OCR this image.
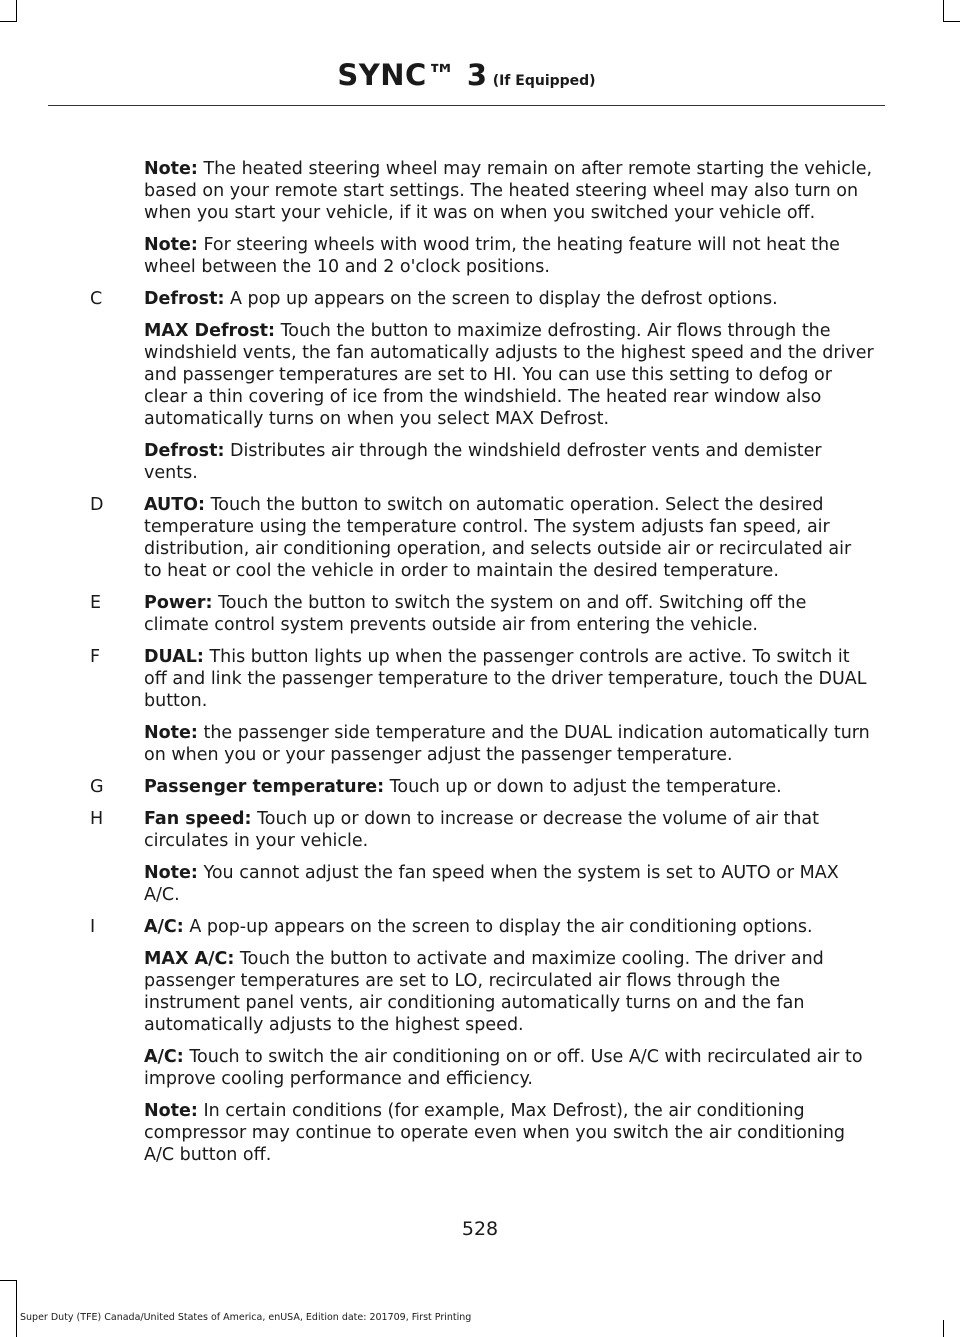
SYNC™ 3 (If Equipped)
Note: The heated steering wheel may remain on after remote starting the vehicle, based on your remote start settings. The heated steering wheel may also turn on when you start your vehicle, if it was on when you switched your vehicle off.
Note: For steering wheels with wood trim, the heating feature will not heat the wheel between the 10 and 2 o'clock positions.
C	Defrost: A pop up appears on the screen to display the defrost options.
MAX Defrost: Touch the button to maximize defrosting. Air flows through the windshield vents, the fan automatically adjusts to the highest speed and the driver and passenger temperatures are set to HI. You can use this setting to defog or clear a thin covering of ice from the windshield. The heated rear window also automatically turns on when you select MAX Defrost.
Defrost: Distributes air through the windshield defroster vents and demister vents.
D	AUTO: Touch the button to switch on automatic operation. Select the desired temperature using the temperature control. The system adjusts fan speed, air distribution, air conditioning operation, and selects outside air or recirculated air to heat or cool the vehicle in order to maintain the desired temperature.
E	Power: Touch the button to switch the system on and off. Switching off the climate control system prevents outside air from entering the vehicle.
F	DUAL: This button lights up when the passenger controls are active. To switch it off and link the passenger temperature to the driver temperature, touch the DUAL button.
Note: the passenger side temperature and the DUAL indication automatically turn on when you or your passenger adjust the passenger temperature.
G	Passenger temperature: Touch up or down to adjust the temperature.
H	Fan speed: Touch up or down to increase or decrease the volume of air that circulates in your vehicle.
Note: You cannot adjust the fan speed when the system is set to AUTO or MAX A/C.
I	A/C: A pop-up appears on the screen to display the air conditioning options.
MAX A/C: Touch the button to activate and maximize cooling. The driver and passenger temperatures are set to LO, recirculated air flows through the instrument panel vents, air conditioning automatically turns on and the fan automatically adjusts to the highest speed.
A/C: Touch to switch the air conditioning on or off. Use A/C with recirculated air to improve cooling performance and efficiency.
Note: In certain conditions (for example, Max Defrost), the air conditioning compressor may continue to operate even when you switch the air conditioning A/C button off.
528
Super Duty (TFE) Canada/United States of America, enUSA, Edition date: 201709, First Printing
